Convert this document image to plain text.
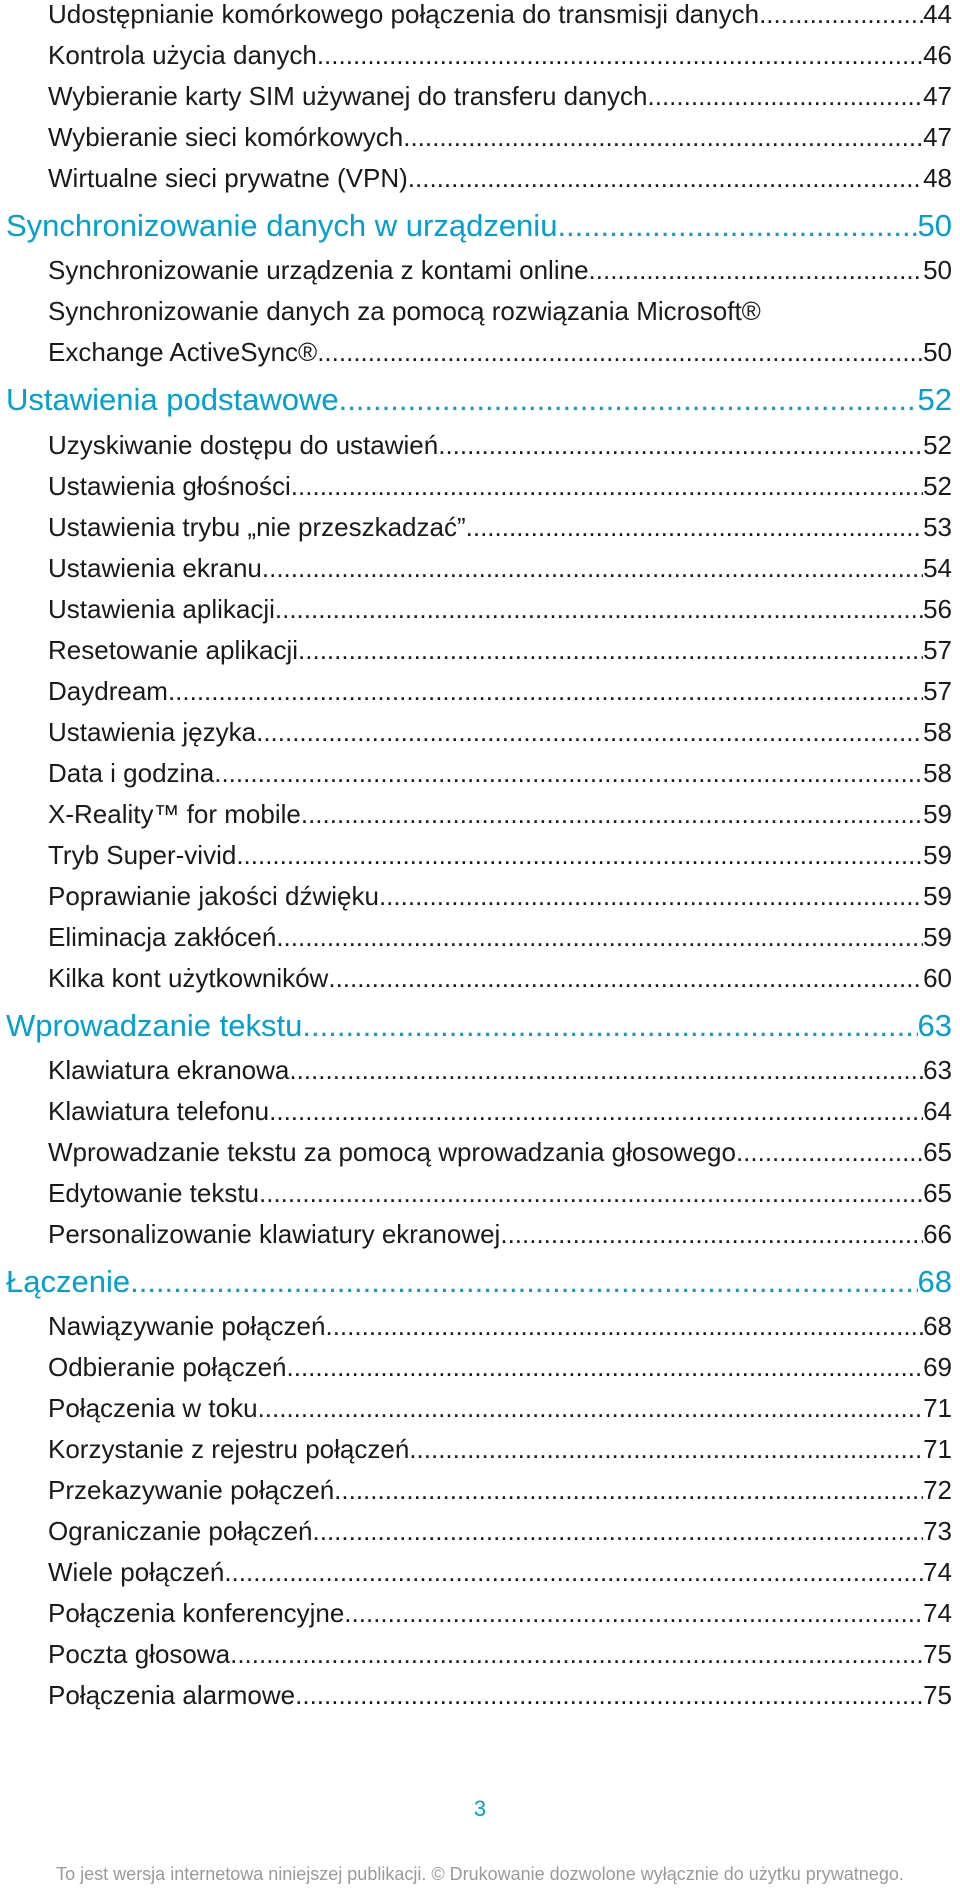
Udostępnianie komórkowego połączenia do transmisji danych .....	44
Kontrola użycia danych .....	46
Wybieranie karty SIM używanej do transferu danych .....	47
Wybieranie sieci komórkowych .....	47
Wirtualne sieci prywatne (VPN) .....	48
Synchronizowanie danych w urządzeniu .....	50
Synchronizowanie urządzenia z kontami online .....	50
Synchronizowanie danych za pomocą rozwiązania Microsoft®
Exchange ActiveSync® .....	50
Ustawienia podstawowe .....	52
Uzyskiwanie dostępu do ustawień .....	52
Ustawienia głośności .....	52
Ustawienia trybu „nie przeszkadzać” .....	53
Ustawienia ekranu .....	54
Ustawienia aplikacji .....	56
Resetowanie aplikacji .....	57
Daydream .....	57
Ustawienia języka .....	58
Data i godzina .....	58
X-Reality™ for mobile .....	59
Tryb Super-vivid .....	59
Poprawianie jakości dźwięku .....	59
Eliminacja zakłóceń .....	59
Kilka kont użytkowników .....	60
Wprowadzanie tekstu .....	63
Klawiatura ekranowa .....	63
Klawiatura telefonu .....	64
Wprowadzanie tekstu za pomocą wprowadzania głosowego .....	65
Edytowanie tekstu .....	65
Personalizowanie klawiatury ekranowej .....	66
Łączenie .....	68
Nawiązywanie połączeń .....	68
Odbieranie połączeń .....	69
Połączenia w toku .....	71
Korzystanie z rejestru połączeń .....	71
Przekazywanie połączeń .....	72
Ograniczanie połączeń .....	73
Wiele połączeń .....	74
Połączenia konferencyjne .....	74
Poczta głosowa .....	75
Połączenia alarmowe .....	75
3
To jest wersja internetowa niniejszej publikacji. © Drukowanie dozwolone wyłącznie do użytku prywatnego.
